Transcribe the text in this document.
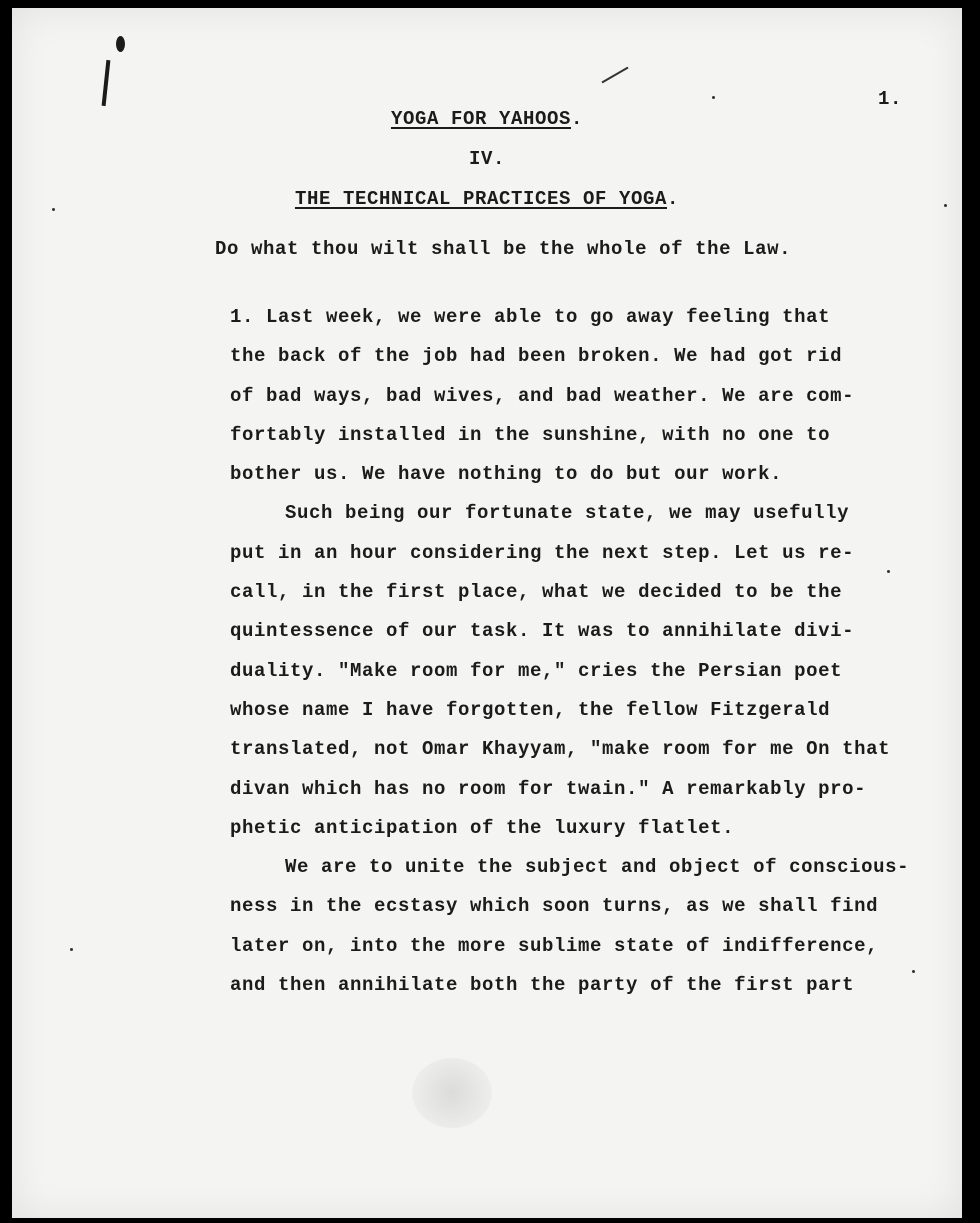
1.
YOGA FOR YAHOOS.
IV.
THE TECHNICAL PRACTICES OF YOGA.
Do what thou wilt shall be the whole of the Law.
1. Last week, we were able to go away feeling that
the back of the job had been broken. We had got rid
of bad ways, bad wives, and bad weather. We are com-
fortably installed in the sunshine, with no one to
bother us. We have nothing to do but our work.
Such being our fortunate state, we may usefully
put in an hour considering the next step. Let us re-
call, in the first place, what we decided to be the
quintessence of our task. It was to annihilate divi-
duality. "Make room for me," cries the Persian poet
whose name I have forgotten, the fellow Fitzgerald
translated, not Omar Khayyam, "make room for me On that
divan which has no room for twain." A remarkably pro-
phetic anticipation of the luxury flatlet.
We are to unite the subject and object of conscious-
ness in the ecstasy which soon turns, as we shall find
later on, into the more sublime state of indifference,
and then annihilate both the party of the first part
